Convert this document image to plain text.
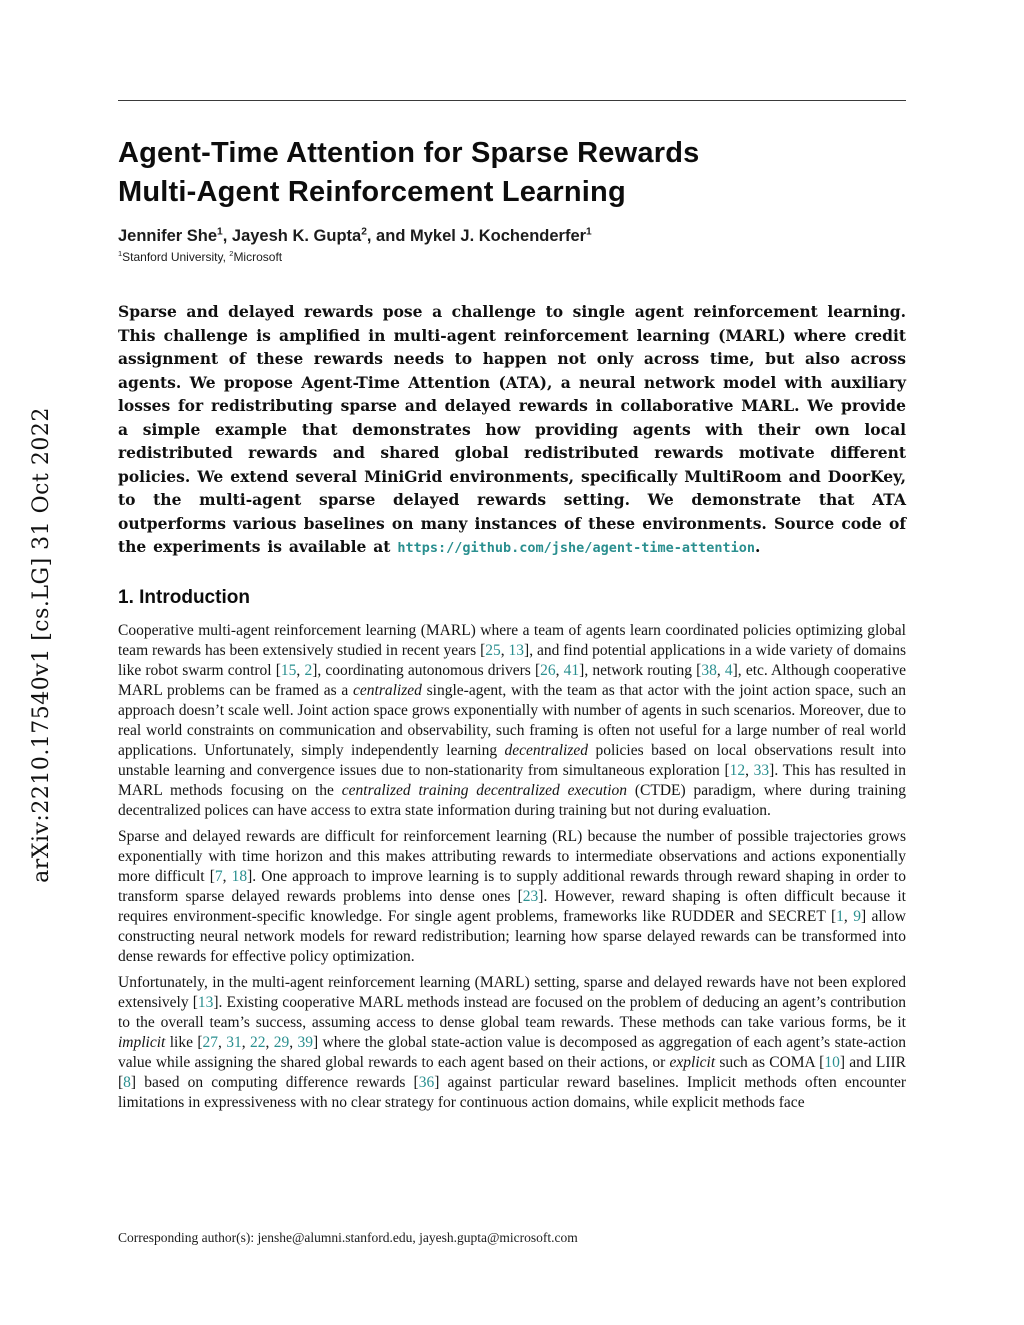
arXiv:2210.17540v1 [cs.LG] 31 Oct 2022
Agent-Time Attention for Sparse Rewards
Multi-Agent Reinforcement Learning
Jennifer She$^1$, Jayesh K. Gupta$^2$, and Mykel J. Kochenderfer$^1$
$^1$Stanford University, $^2$Microsoft
Sparse and delayed rewards pose a challenge to single agent reinforcement learning. This challenge is amplified in multi-agent reinforcement learning (MARL) where credit assignment of these rewards needs to happen not only across time, but also across agents. We propose Agent-Time Attention (ATA), a neural network model with auxiliary losses for redistributing sparse and delayed rewards in collaborative MARL. We provide a simple example that demonstrates how providing agents with their own local redistributed rewards and shared global redistributed rewards motivate different policies. We extend several MiniGrid environments, specifically MultiRoom and DoorKey, to the multi-agent sparse delayed rewards setting. We demonstrate that ATA outperforms various baselines on many instances of these environments. Source code of the experiments is available at https://github.com/jshe/agent-time-attention.
1. Introduction
Cooperative multi-agent reinforcement learning (MARL) where a team of agents learn coordinated policies optimizing global team rewards has been extensively studied in recent years [25, 13], and find potential applications in a wide variety of domains like robot swarm control [15, 2], coordinating autonomous drivers [26, 41], network routing [38, 4], etc. Although cooperative MARL problems can be framed as a centralized single-agent, with the team as that actor with the joint action space, such an approach doesn’t scale well. Joint action space grows exponentially with number of agents in such scenarios. Moreover, due to real world constraints on communication and observability, such framing is often not useful for a large number of real world applications. Unfortunately, simply independently learning decentralized policies based on local observations result into unstable learning and convergence issues due to non-stationarity from simultaneous exploration [12, 33]. This has resulted in MARL methods focusing on the centralized training decentralized execution (CTDE) paradigm, where during training decentralized polices can have access to extra state information during training but not during evaluation.
Sparse and delayed rewards are difficult for reinforcement learning (RL) because the number of possible trajectories grows exponentially with time horizon and this makes attributing rewards to intermediate observations and actions exponentially more difficult [7, 18]. One approach to improve learning is to supply additional rewards through reward shaping in order to transform sparse delayed rewards problems into dense ones [23]. However, reward shaping is often difficult because it requires environment-specific knowledge. For single agent problems, frameworks like RUDDER and SECRET [1, 9] allow constructing neural network models for reward redistribution; learning how sparse delayed rewards can be transformed into dense rewards for effective policy optimization.
Unfortunately, in the multi-agent reinforcement learning (MARL) setting, sparse and delayed rewards have not been explored extensively [13]. Existing cooperative MARL methods instead are focused on the problem of deducing an agent’s contribution to the overall team’s success, assuming access to dense global team rewards. These methods can take various forms, be it implicit like [27, 31, 22, 29, 39] where the global state-action value is decomposed as aggregation of each agent’s state-action value while assigning the shared global rewards to each agent based on their actions, or explicit such as COMA [10] and LIIR [8] based on computing difference rewards [36] against particular reward baselines. Implicit methods often encounter limitations in expressiveness with no clear strategy for continuous action domains, while explicit methods face
Corresponding author(s): jenshe@alumni.stanford.edu, jayesh.gupta@microsoft.com
